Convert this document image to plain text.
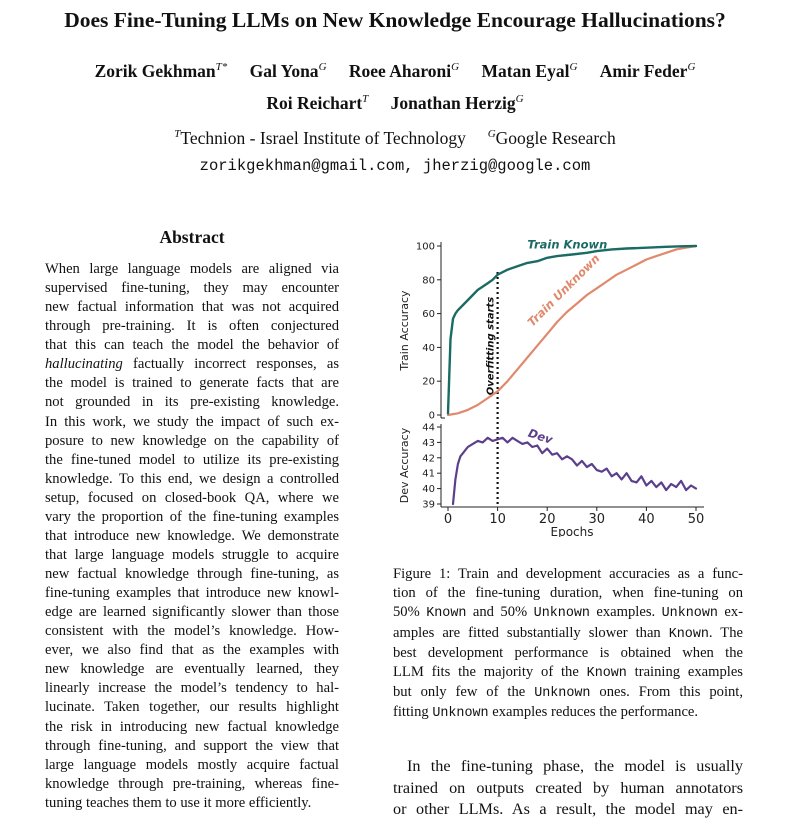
Does Fine-Tuning LLMs on New Knowledge Encourage Hallucinations?
Zorik Gekhman$^{T*}$ Gal Yona$^G$ Roee Aharoni$^G$ Matan Eyal$^G$ Amir Feder$^G$
Roi Reichart$^T$ Jonathan Herzig$^G$
$^T$Technion - Israel Institute of Technology $^G$Google Research
zorikgekhman@gmail.com, jherzig@google.com
Abstract
When large language models are aligned via
supervised fine-tuning, they may encounter
new factual information that was not acquired
through pre-training. It is often conjectured
that this can teach the model the behavior of
hallucinating factually incorrect responses, as
the model is trained to generate facts that are
not grounded in its pre-existing knowledge.
In this work, we study the impact of such ex-
posure to new knowledge on the capability of
the fine-tuned model to utilize its pre-existing
knowledge. To this end, we design a controlled
setup, focused on closed-book QA, where we
vary the proportion of the fine-tuning examples
that introduce new knowledge. We demonstrate
that large language models struggle to acquire
new factual knowledge through fine-tuning, as
fine-tuning examples that introduce new knowl-
edge are learned significantly slower than those
consistent with the model’s knowledge. How-
ever, we also find that as the examples with
new knowledge are eventually learned, they
linearly increase the model’s tendency to hal-
lucinate. Taken together, our results highlight
the risk in introducing new factual knowledge
through fine-tuning, and support the view that
large language models mostly acquire factual
knowledge through pre-training, whereas fine-
tuning teaches them to use it more efficiently.
0
20
40
60
80
100
39
40
41
42
43
44
0	10	20	30	40	50
Epochs
Train Accuracy
Dev Accuracy
Overfitting starts
Train Known
Train Unknown
Dev
Figure 1: Train and development accuracies as a func-
tion of the fine-tuning duration, when fine-tuning on
50% Known and 50% Unknown examples. Unknown ex-
amples are fitted substantially slower than Known. The
best development performance is obtained when the
LLM fits the majority of the Known training examples
but only few of the Unknown ones. From this point,
fitting Unknown examples reduces the performance.
In the fine-tuning phase, the model is usually
trained on outputs created by human annotators
or other LLMs. As a result, the model may en-
